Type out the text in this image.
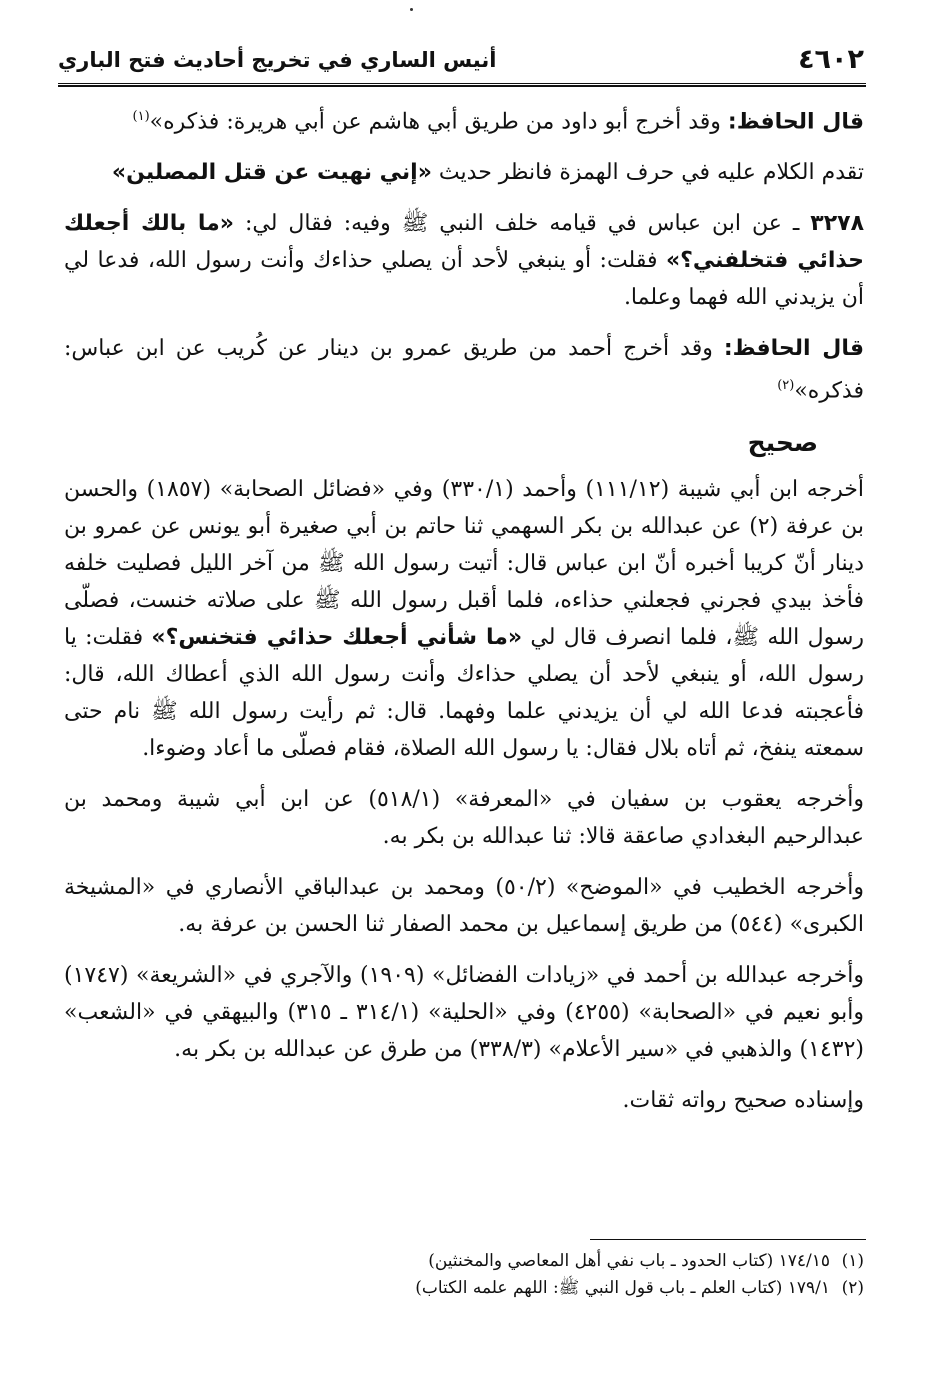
٤٦٠٢
أنيس الساري في تخريج أحاديث فتح الباري

قال الحافظ: وقد أخرج أبو داود من طريق أبي هاشم عن أبي هريرة: فذكره»$^{(١)}$

تقدم الكلام عليه في حرف الهمزة فانظر حديث «إني نهيت عن قتل المصلين»

٣٢٧٨ ـ عن ابن عباس في قيامه خلف النبي ﷺ وفيه: فقال لي: «ما بالك أجعلك حذائي فتخلفني؟» فقلت: أو ينبغي لأحد أن يصلي حذاءك وأنت رسول الله، فدعا لي أن يزيدني الله فهما وعلما.

قال الحافظ: وقد أخرج أحمد من طريق عمرو بن دينار عن كُريب عن ابن عباس: فذكره»$^{(٢)}$

صحيح

أخرجه ابن أبي شيبة (١١١/١٢) وأحمد (٣٣٠/١) وفي «فضائل الصحابة» (١٨٥٧) والحسن بن عرفة (٢) عن عبدالله بن بكر السهمي ثنا حاتم بن أبي صغيرة أبو يونس عن عمرو بن دينار أنّ كريبا أخبره أنّ ابن عباس قال: أتيت رسول الله ﷺ من آخر الليل فصليت خلفه فأخذ بيدي فجرني فجعلني حذاءه، فلما أقبل رسول الله ﷺ على صلاته خنست، فصلّى رسول الله ﷺ، فلما انصرف قال لي «ما شأني أجعلك حذائي فتخنس؟» فقلت: يا رسول الله، أو ينبغي لأحد أن يصلي حذاءك وأنت رسول الله الذي أعطاك الله، قال: فأعجبته فدعا الله لي أن يزيدني علما وفهما. قال: ثم رأيت رسول الله ﷺ نام حتى سمعته ينفخ، ثم أتاه بلال فقال: يا رسول الله الصلاة، فقام فصلّى ما أعاد وضوءا.

وأخرجه يعقوب بن سفيان في «المعرفة» (٥١٨/١) عن ابن أبي شيبة ومحمد بن عبدالرحيم البغدادي صاعقة قالا: ثنا عبدالله بن بكر به.

وأخرجه الخطيب في «الموضح» (٥٠/٢) ومحمد بن عبدالباقي الأنصاري في «المشيخة الكبرى» (٥٤٤) من طريق إسماعيل بن محمد الصفار ثنا الحسن بن عرفة به.

وأخرجه عبدالله بن أحمد في «زيادات الفضائل» (١٩٠٩) والآجري في «الشريعة» (١٧٤٧) وأبو نعيم في «الصحابة» (٤٢٥٥) وفي «الحلية» (٣١٤/١ ـ ٣١٥) والبيهقي في «الشعب» (١٤٣٢) والذهبي في «سير الأعلام» (٣٣٨/٣) من طرق عن عبدالله بن بكر به.

وإسناده صحيح رواته ثقات.

(١)١٧٤/١٥ (كتاب الحدود ـ باب نفي أهل المعاصي والمخنثين)
(٢)١٧٩/١ (كتاب العلم ـ باب قول النبي ﷺ: اللهم علمه الكتاب)
